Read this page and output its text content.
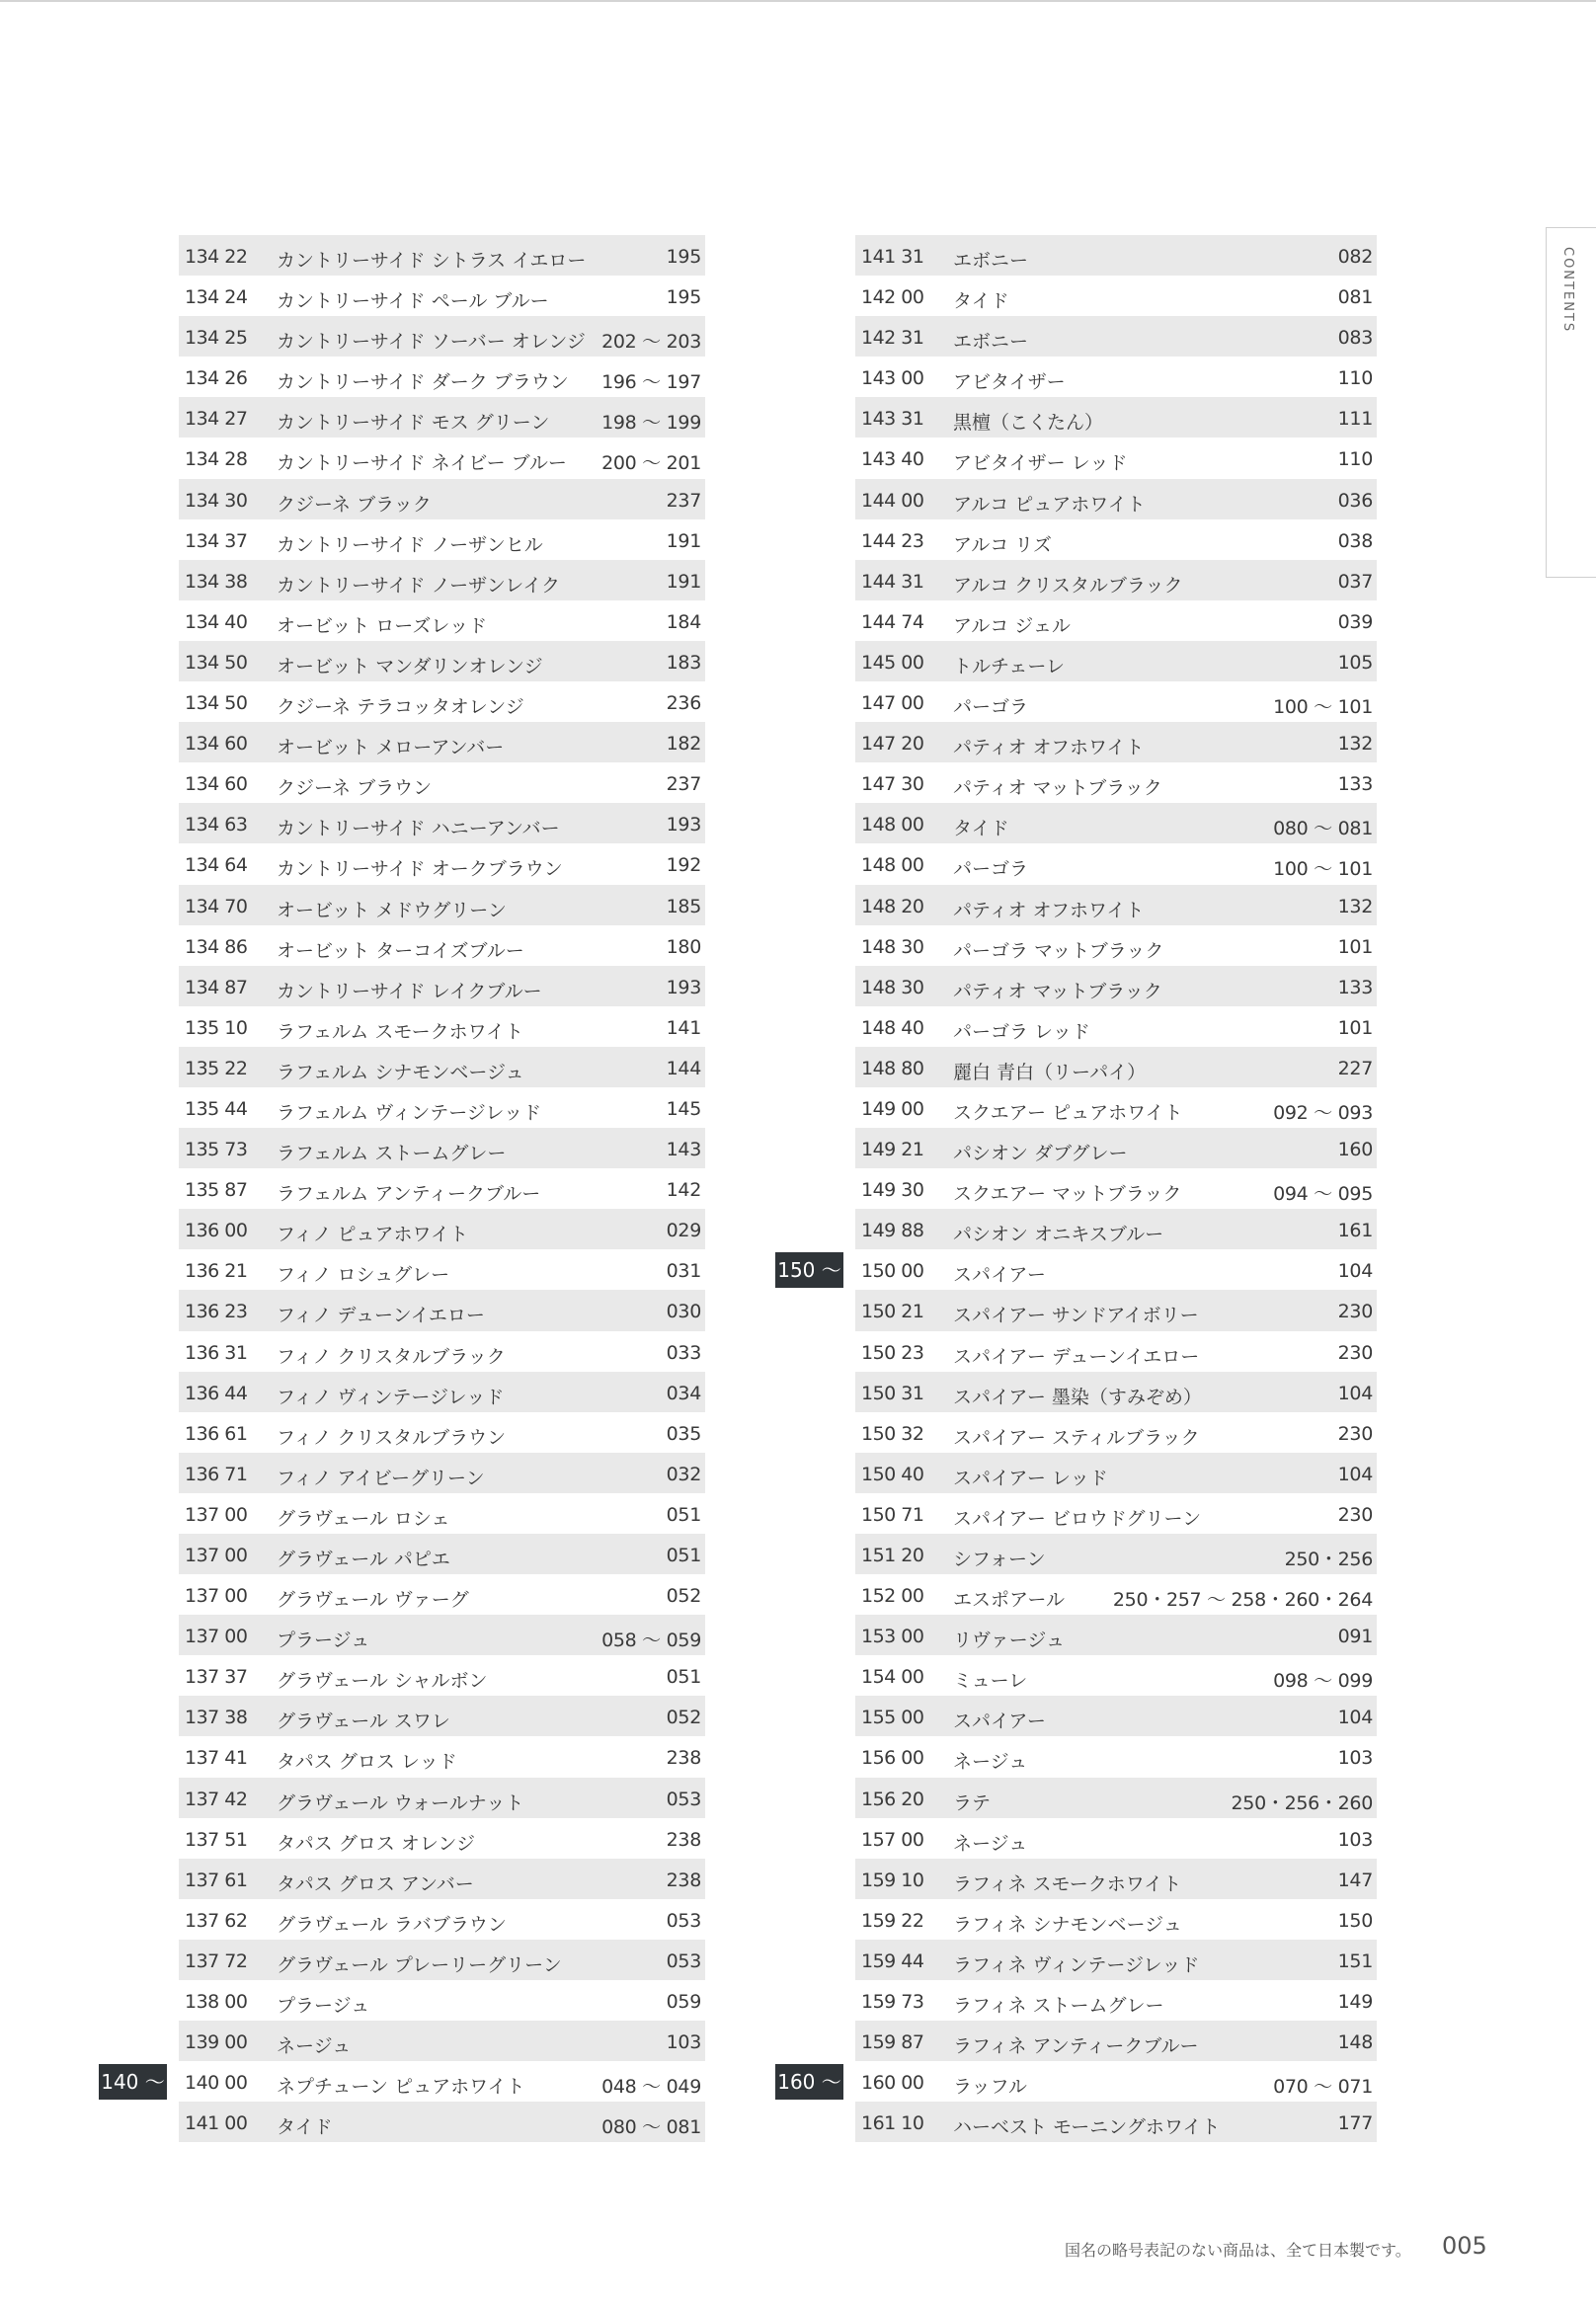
134 22 カントリーサイド シトラス イエロー	195
134 24 カントリーサイド ペール ブルー	195
134 25 カントリーサイド ソーバー オレンジ 202 ～ 203
134 26 カントリーサイド ダーク ブラウン 196 ～ 197
134 27 カントリーサイド モス グリーン	198 ～ 199
134 28 カントリーサイド ネイビー ブルー 200 ～ 201
134 30 クジーネ ブラック	237
134 37 カントリーサイド ノーザンヒル	191
134 38 カントリーサイド ノーザンレイク	191
134 40 オービット ローズレッド	184
134 50 オービット マンダリンオレンジ	183
134 50 クジーネ テラコッタオレンジ	236
134 60 オービット メローアンバー	182
134 60 クジーネ ブラウン	237
134 63 カントリーサイド ハニーアンバー	193
134 64 カントリーサイド オークブラウン	192
134 70 オービット メドウグリーン	185
134 86 オービット ターコイズブルー	180
134 87 カントリーサイド レイクブルー	193
135 10 ラフェルム スモークホワイト	141
135 22 ラフェルム シナモンベージュ	144
135 44 ラフェルム ヴィンテージレッド	145
135 73 ラフェルム ストームグレー	143
135 87 ラフェルム アンティークブルー	142
136 00 フィノ ピュアホワイト	029
136 21 フィノ ロシュグレー	031
136 23 フィノ デューンイエロー	030
136 31 フィノ クリスタルブラック	033
136 44 フィノ ヴィンテージレッド	034
136 61 フィノ クリスタルブラウン	035
136 71 フィノ アイビーグリーン	032
137 00 グラヴェール ロシェ	051
137 00 グラヴェール パピエ	051
137 00 グラヴェール ヴァーグ	052
137 00 プラージュ	058 ～ 059
137 37 グラヴェール シャルボン	051
137 38 グラヴェール スワレ	052
137 41 タパス グロス レッド	238
137 42 グラヴェール ウォールナット	053
137 51 タパス グロス オレンジ	238
137 61 タパス グロス アンバー	238
137 62 グラヴェール ラバブラウン	053
137 72 グラヴェール プレーリーグリーン	053
138 00 プラージュ	059
139 00 ネージュ	103
140 ～ 140 00 ネプチューン ピュアホワイト	048 ～ 049
141 00 タイド	080 ～ 081
141 31 エボニー	082
142 00 タイド	081
142 31 エボニー	083
143 00 アビタイザー	110
143 31 黒檀（こくたん）	111
143 40 アビタイザー レッド	110
144 00 アルコ ピュアホワイト	036
144 23 アルコ リズ	038
144 31 アルコ クリスタルブラック	037
144 74 アルコ ジェル	039
145 00 トルチェーレ	105
147 00 パーゴラ	100 ～ 101
147 20 パティオ オフホワイト	132
147 30 パティオ マットブラック	133
148 00 タイド	080 ～ 081
148 00 パーゴラ	100 ～ 101
148 20 パティオ オフホワイト	132
148 30 パーゴラ マットブラック	101
148 30 パティオ マットブラック	133
148 40 パーゴラ レッド	101
148 80 麗白 青白（リーパイ）	227
149 00 スクエアー ピュアホワイト	092 ～ 093
149 21 パシオン ダブグレー	160
149 30 スクエアー マットブラック	094 ～ 095
149 88 パシオン オニキスブルー	161
150 ～ 150 00 スパイアー	104
150 21 スパイアー サンドアイボリー	230
150 23 スパイアー デューンイエロー	230
150 31 スパイアー 墨染（すみぞめ）	104
150 32 スパイアー スティルブラック	230
150 40 スパイアー レッド	104
150 71 スパイアー ビロウドグリーン	230
151 20 シフォーン	250・256
152 00 エスポアール	250・257 ～ 258・260・264
153 00 リヴァージュ	091
154 00 ミューレ	098 ～ 099
155 00 スパイアー	104
156 00 ネージュ	103
156 20 ラテ	250・256・260
157 00 ネージュ	103
159 10 ラフィネ スモークホワイト	147
159 22 ラフィネ シナモンベージュ	150
159 44 ラフィネ ヴィンテージレッド	151
159 73 ラフィネ ストームグレー	149
159 87 ラフィネ アンティークブルー	148
160 ～ 160 00 ラッフル	070 ～ 071
161 10 ハーベスト モーニングホワイト	177
CONTENTS
国名の略号表記のない商品は、全て日本製です。 005
